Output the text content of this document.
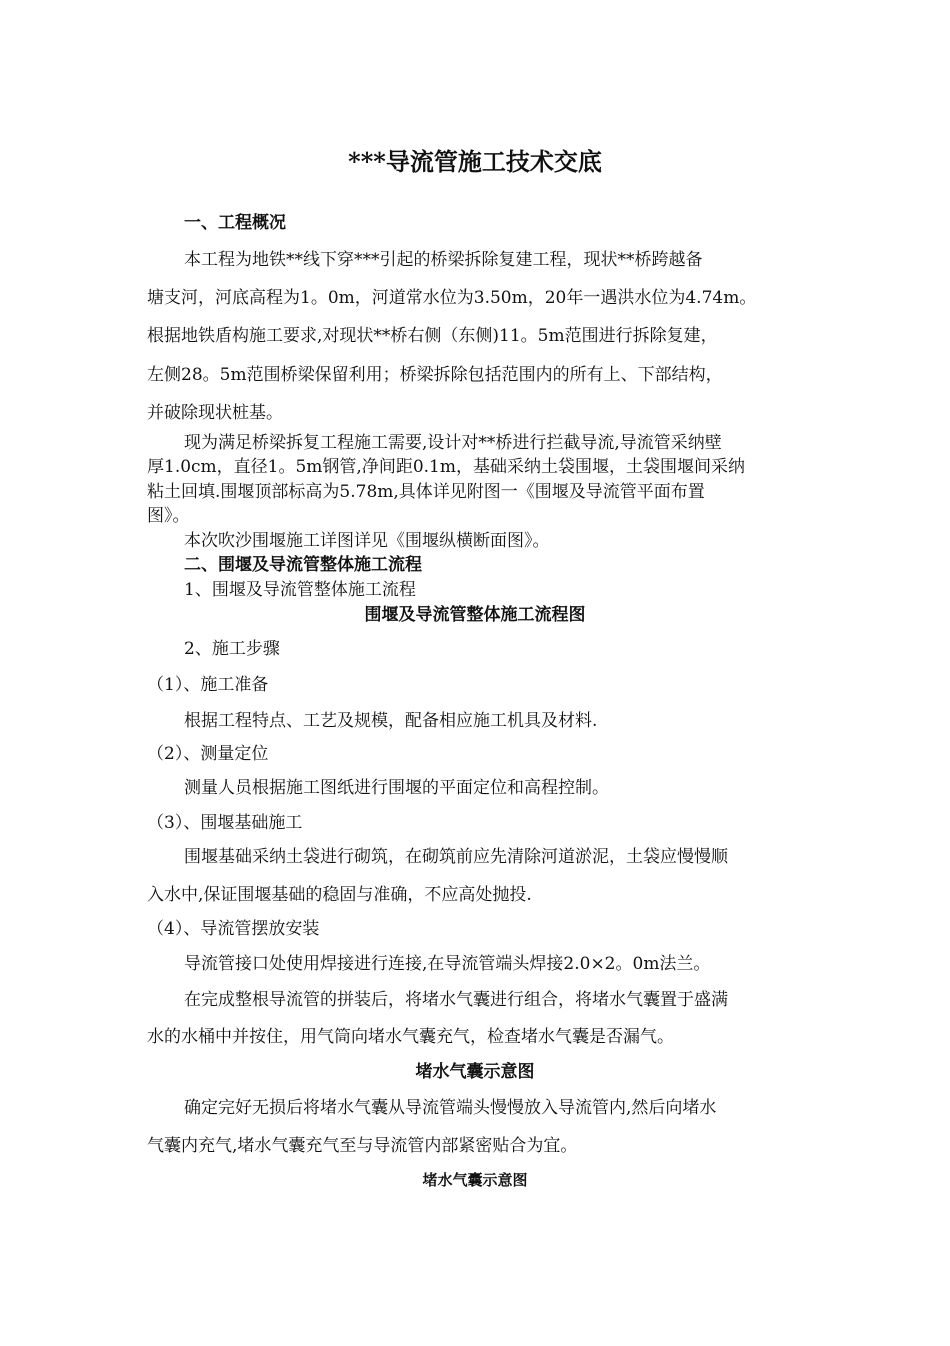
***导流管施工技术交底
一、工程概况
本工程为地铁**线下穿***引起的桥梁拆除复建工程，现状**桥跨越备
塘支河，河底高程为1。0m，河道常水位为3.50m，20年一遇洪水位为4.74m。
根据地铁盾构施工要求,对现状**桥右侧（东侧)11。5m范围进行拆除复建，
左侧28。5m范围桥梁保留利用；桥梁拆除包括范围内的所有上、下部结构，
并破除现状桩基。
现为满足桥梁拆复工程施工需要,设计对**桥进行拦截导流,导流管采纳壁
厚1.0cm，直径1。5m钢管,净间距0.1m，基础采纳土袋围堰，土袋围堰间采纳
粘土回填.围堰顶部标高为5.78m,具体详见附图一《围堰及导流管平面布置
图》。
本次吹沙围堰施工详图详见《围堰纵横断面图》。
二、围堰及导流管整体施工流程
1、围堰及导流管整体施工流程
围堰及导流管整体施工流程图
2、施工步骤
（1）、施工准备
根据工程特点、工艺及规模，配备相应施工机具及材料.
（2）、测量定位
测量人员根据施工图纸进行围堰的平面定位和高程控制。
（3）、围堰基础施工
围堰基础采纳土袋进行砌筑，在砌筑前应先清除河道淤泥，土袋应慢慢顺
入水中,保证围堰基础的稳固与准确，不应高处抛投.
（4）、导流管摆放安装
导流管接口处使用焊接进行连接,在导流管端头焊接2.0×2。0m法兰。
在完成整根导流管的拼装后，将堵水气囊进行组合，将堵水气囊置于盛满
水的水桶中并按住，用气筒向堵水气囊充气，检查堵水气囊是否漏气。
堵水气囊示意图
确定完好无损后将堵水气囊从导流管端头慢慢放入导流管内,然后向堵水
气囊内充气,堵水气囊充气至与导流管内部紧密贴合为宜。
堵水气囊示意图
